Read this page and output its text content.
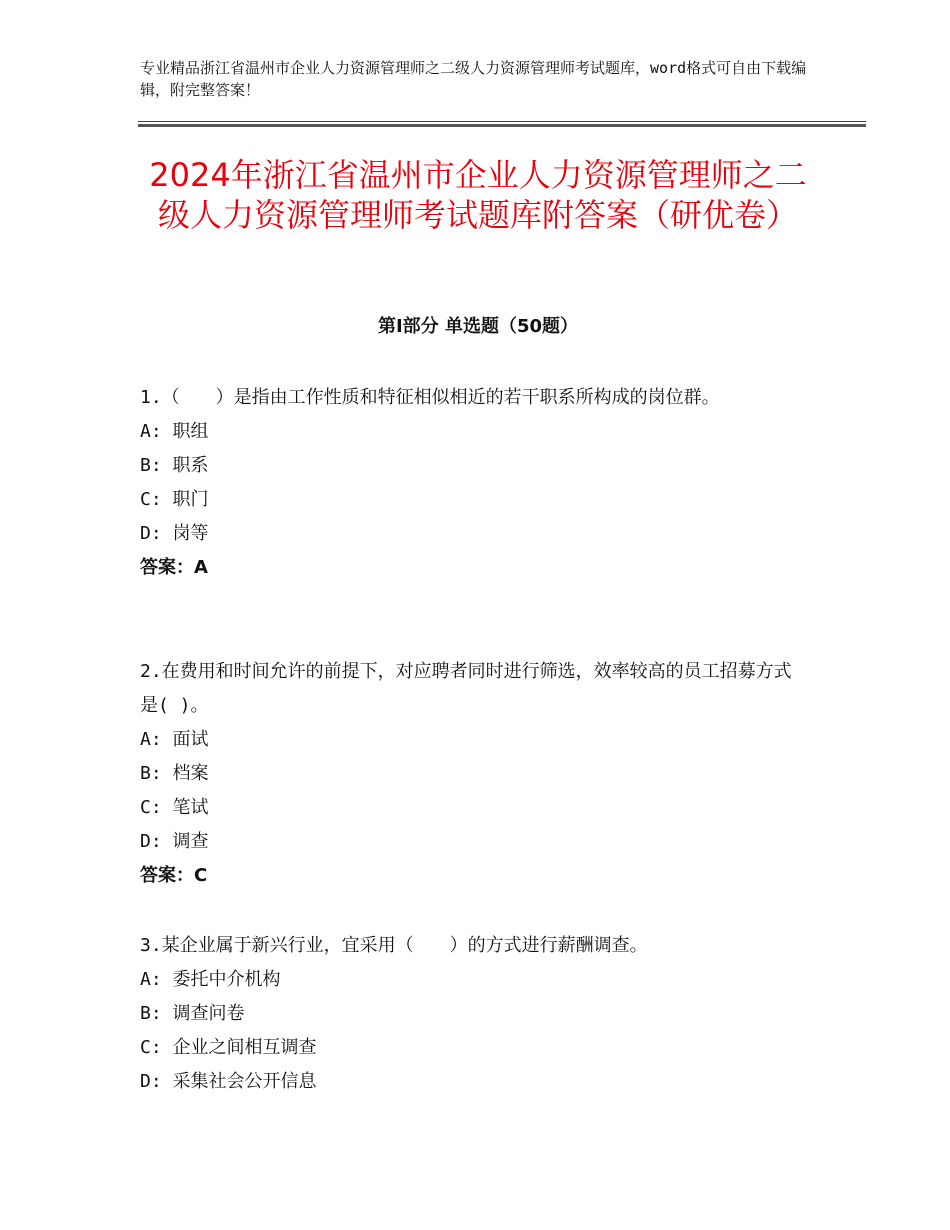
专业精品浙江省温州市企业人力资源管理师之二级人力资源管理师考试题库，word格式可自由下载编辑，附完整答案！
2024年浙江省温州市企业人力资源管理师之二级人力资源管理师考试题库附答案（研优卷）
第Ⅰ部分 单选题（50题）
1.（　　）是指由工作性质和特征相似相近的若干职系所构成的岗位群。
A: 职组
B: 职系
C: 职门
D: 岗等
答案：A
2.在费用和时间允许的前提下，对应聘者同时进行筛选，效率较高的员工招募方式是( )。
A: 面试
B: 档案
C: 笔试
D: 调查
答案：C
3.某企业属于新兴行业，宜采用（　　）的方式进行薪酬调查。
A: 委托中介机构
B: 调查问卷
C: 企业之间相互调查
D: 采集社会公开信息
